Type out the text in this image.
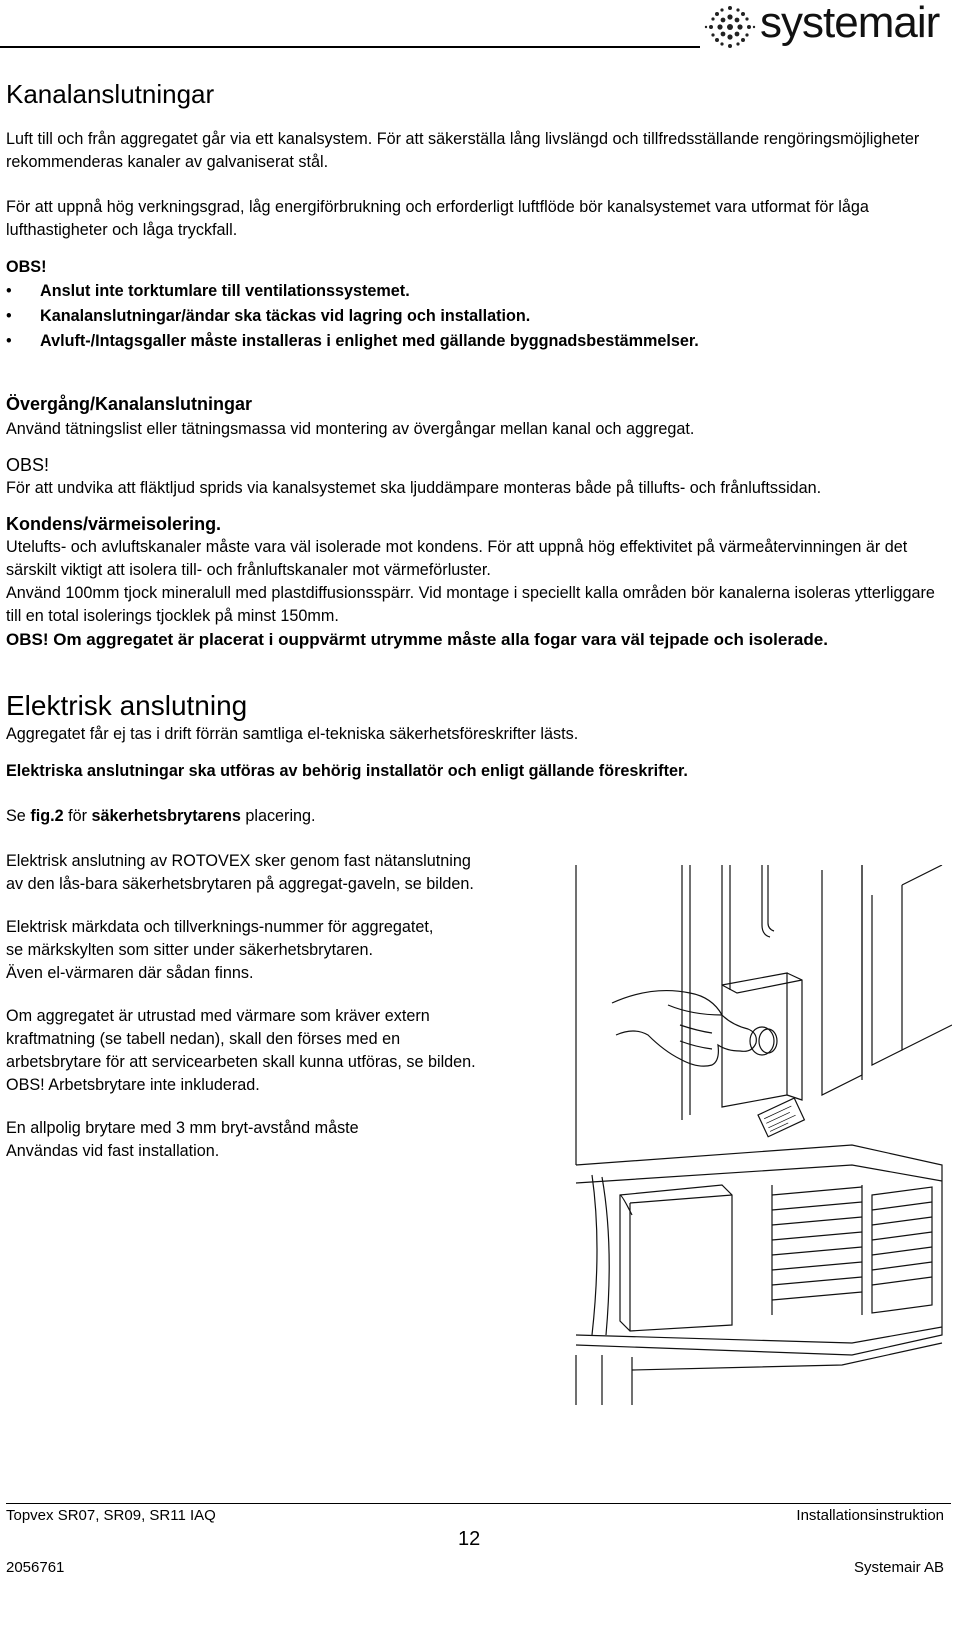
systemair
Kanalanslutningar

Luft till och från aggregatet går via ett kanalsystem. För att säkerställa lång livslängd och tillfredsställande rengöringsmöjligheter rekommenderas kanaler av galvaniserat stål.

För att uppnå hög verkningsgrad, låg energiförbrukning och erforderligt luftflöde bör kanalsystemet vara utformat för låga lufthastigheter och låga tryckfall.

OBS!

• Anslut inte torktumlare till ventilationssystemet.
• Kanalanslutningar/ändar ska täckas vid lagring och installation.
• Avluft-/Intagsgaller måste installeras i enlighet med gällande byggnadsbestämmelser.
Övergång/Kanalanslutningar

Använd tätningslist eller tätningsmassa vid montering av övergångar mellan kanal och aggregat.

OBS!

För att undvika att fläktljud sprids via kanalsystemet ska ljuddämpare monteras både på tillufts- och frånluftssidan.

Kondens/värmeisolering.

Utelufts- och avluftskanaler måste vara väl isolerade mot kondens. För att uppnå hög effektivitet på värmeåtervinningen är det särskilt viktigt att isolera till- och frånluftskanaler mot värmeförluster.

Använd 100mm tjock mineralull med plastdiffusionsspärr. Vid montage i speciellt kalla områden bör kanalerna isoleras ytterliggare till en total isolerings tjocklek på minst 150mm.

OBS! Om aggregatet är placerat i ouppvärmt utrymme måste alla fogar vara väl tejpade och isolerade.

Elektrisk anslutning

Aggregatet får ej tas i drift förrän samtliga el-tekniska säkerhetsföreskrifter lästs.

Elektriska anslutningar ska utföras av behörig installatör och enligt gällande föreskrifter.

Se fig.2 för säkerhetsbrytarens placering.

Elektrisk anslutning av ROTOVEX sker genom fast nätanslutning

av den lås-bara säkerhetsbrytaren på aggregat-gaveln, se bilden.

Elektrisk märkdata och tillverknings-nummer för aggregatet,

se märkskylten som sitter under säkerhetsbrytaren.

Även el-värmaren där sådan finns.

Om aggregatet är utrustad med värmare som kräver extern

kraftmatning (se tabell nedan), skall den förses med en

arbetsbrytare för att servicearbeten skall kunna utföras, se bilden.

OBS! Arbetsbrytare inte inkluderad.

En allpolig brytare med 3 mm bryt-avstånd måste

Användas vid fast installation.

Topvex SR07, SR09, SR11 IAQ	Installationsinstruktion
12
2056761	Systemair AB
